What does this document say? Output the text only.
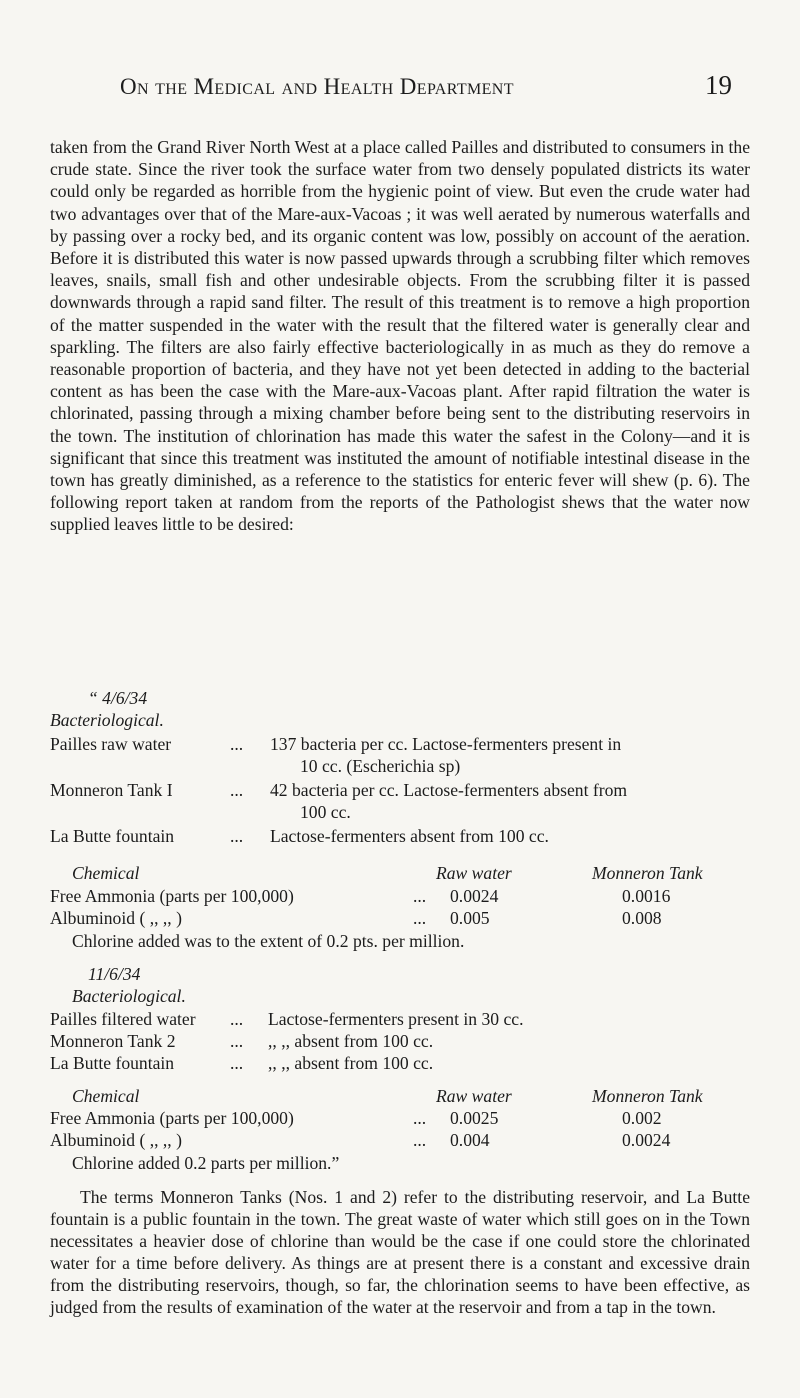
On the Medical and Health Department	19
taken from the Grand River North West at a place called Pailles and distributed to consumers in the crude state. Since the river took the surface water from two densely populated districts its water could only be regarded as horrible from the hygienic point of view. But even the crude water had two advantages over that of the Mare-aux-Vacoas ; it was well aerated by numerous waterfalls and by passing over a rocky bed, and its organic content was low, possibly on account of the aeration. Before it is distributed this water is now passed upwards through a scrubbing filter which removes leaves, snails, small fish and other undesirable objects. From the scrubbing filter it is passed downwards through a rapid sand filter. The result of this treatment is to remove a high proportion of the matter suspended in the water with the result that the filtered water is generally clear and sparkling. The filters are also fairly effective bacteriologically in as much as they do remove a reasonable proportion of bacteria, and they have not yet been detected in adding to the bacterial content as has been the case with the Mare-aux-Vacoas plant. After rapid filtration the water is chlorinated, passing through a mixing chamber before being sent to the distributing reservoirs in the town. The institution of chlorination has made this water the safest in the Colony—and it is significant that since this treatment was instituted the amount of notifiable intestinal disease in the town has greatly diminished, as a reference to the statistics for enteric fever will shew (p. 6). The following report taken at random from the reports of the Pathologist shews that the water now supplied leaves little to be desired:
“ 4/6/34
Bacteriological.
Pailles raw water	... 137 bacteria per cc. Lactose-fermenters present in
10 cc. (Escherichia sp)
Monneron Tank I	... 42 bacteria per cc. Lactose-fermenters absent from
100 cc.
La Butte fountain	... Lactose-fermenters absent from 100 cc.
Chemical	Raw water	Monneron Tank
Free Ammonia (parts per 100,000)	... 0.0024	0.0016
Albuminoid ( ,, ,, )	... 0.005	0.008
Chlorine added was to the extent of 0.2 pts. per million.
11/6/34
Bacteriological.
Pailles filtered water ... Lactose-fermenters present in 30 cc.
Monneron Tank 2	... ,, ,, absent from 100 cc.
La Butte fountain	... ,, ,, absent from 100 cc.
Chemical	Raw water	Monneron Tank
Free Ammonia (parts per 100,000)	... 0.0025	0.002
Albuminoid ( ,, ,, )	... 0.004	0.0024
Chlorine added 0.2 parts per million.”
The terms Monneron Tanks (Nos. 1 and 2) refer to the distributing reservoir, and La Butte fountain is a public fountain in the town. The great waste of water which still goes on in the Town necessitates a heavier dose of chlorine than would be the case if one could store the chlorinated water for a time before delivery. As things are at present there is a constant and excessive drain from the distributing reservoirs, though, so far, the chlorination seems to have been effective, as judged from the results of examination of the water at the reservoir and from a tap in the town.
